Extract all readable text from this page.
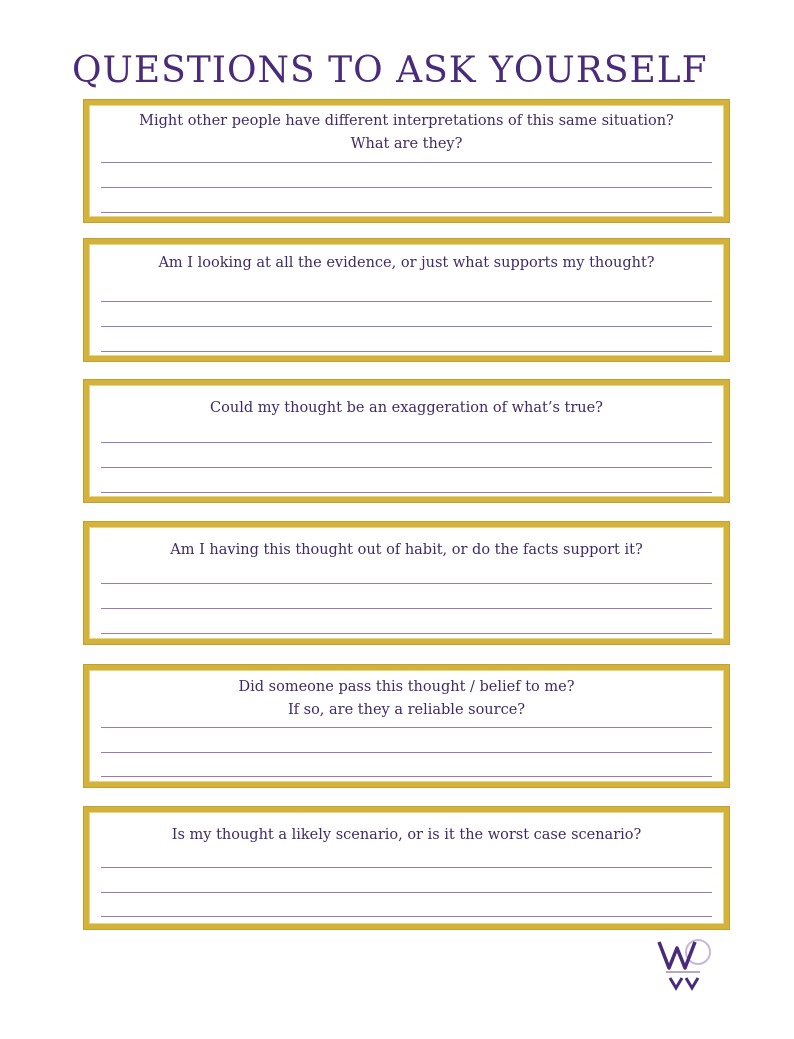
QUESTIONS TO ASK YOURSELF
Might other people have different interpretations of this same situation?
What are they?
Am I looking at all the evidence, or just what supports my thought?
Could my thought be an exaggeration of what’s true?
Am I having this thought out of habit, or do the facts support it?
Did someone pass this thought / belief to me?
If so, are they a reliable source?
Is my thought a likely scenario, or is it the worst case scenario?
